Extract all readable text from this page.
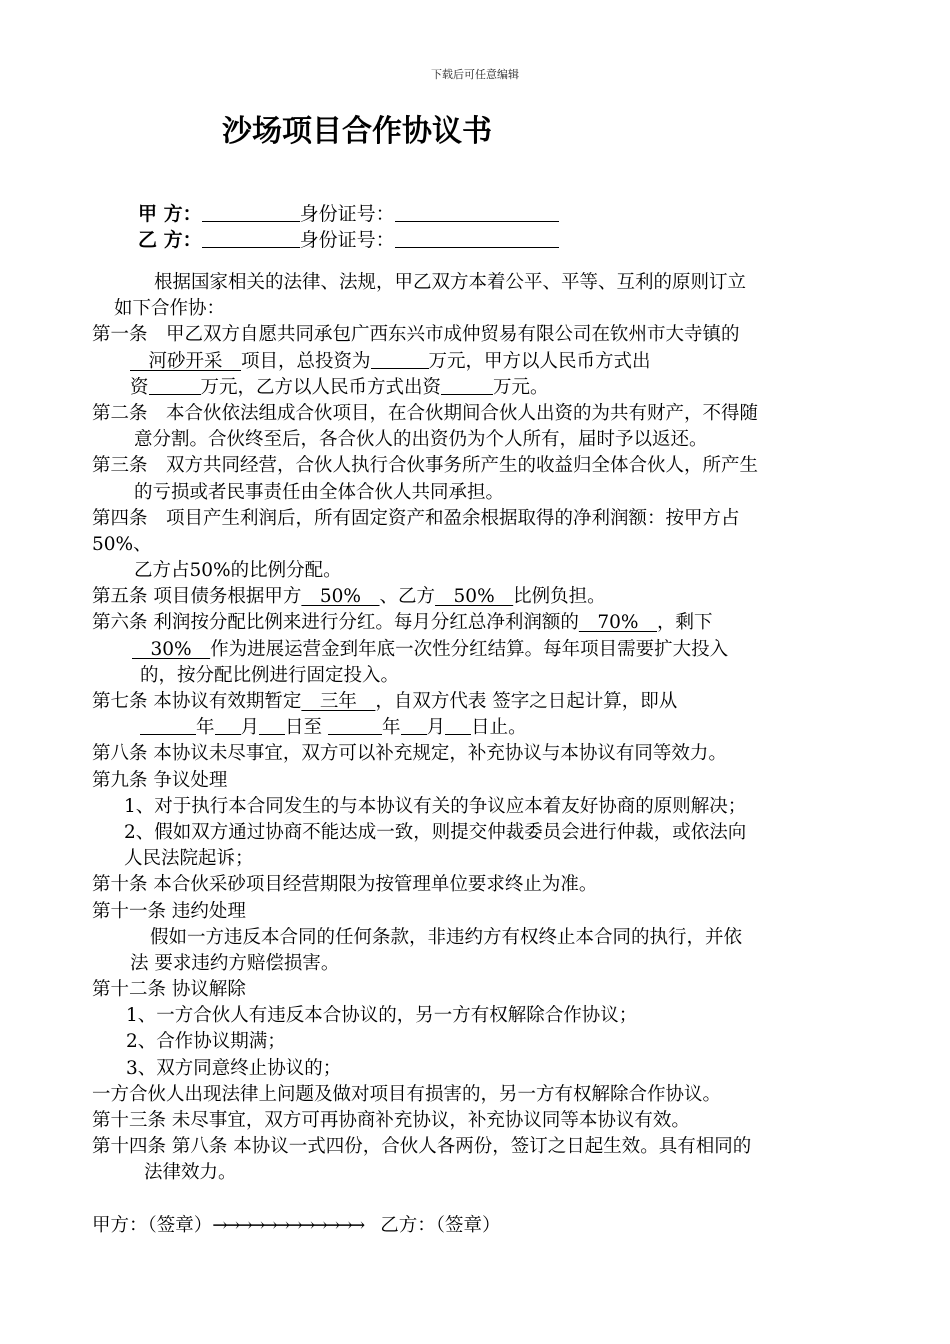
下载后可任意编辑
沙场项目合作协议书
甲 方：	身份证号：
乙 方：	身份证号：
根据国家相关的法律、法规，甲乙双方本着公平、平等、互利的原则订立
如下合作协：
第一条　甲乙双方自愿共同承包广西东兴市成仲贸易有限公司在钦州市大寺镇的
　河砂开采　项目，总投资为	万元，甲方以人民币方式出
资	万元，乙方以人民币方式出资	万元。
第二条　本合伙依法组成合伙项目，在合伙期间合伙人出资的为共有财产，不得随
意分割。合伙终至后，各合伙人的出资仍为个人所有，届时予以返还。
第三条　双方共同经营，合伙人执行合伙事务所产生的收益归全体合伙人，所产生
的亏损或者民事责任由全体合伙人共同承担。
第四条　项目产生利润后，所有固定资产和盈余根据取得的净利润额：按甲方占
50%、
乙方占50%的比例分配。
第五条 项目债务根据甲方　50%　、乙方　50%　比例负担。
第六条 利润按分配比例来进行分红。每月分红总净利润额的　70%　，剩下
　30%　作为进展运营金到年底一次性分红结算。每年项目需要扩大投入
的，按分配比例进行固定投入。
第七条 本协议有效期暂定　三年　，自双方代表 签字之日起计算，即从
年 月 日至	年 月 日止。
第八条 本协议未尽事宜，双方可以补充规定，补充协议与本协议有同等效力。
第九条 争议处理
1、对于执行本合同发生的与本协议有关的争议应本着友好协商的原则解决；
2、假如双方通过协商不能达成一致，则提交仲裁委员会进行仲裁，或依法向
人民法院起诉；
第十条 本合伙采砂项目经营期限为按管理单位要求终止为准。
第十一条 违约处理
假如一方违反本合同的任何条款，非违约方有权终止本合同的执行，并依
法 要求违约方赔偿损害。
第十二条 协议解除
1、一方合伙人有违反本合协议的，另一方有权解除合作协议；
2、合作协议期满；
3、双方同意终止协议的；
一方合伙人出现法律上问题及做对项目有损害的，另一方有权解除合作协议。
第十三条 未尽事宜，双方可再协商补充协议，补充协议同等本协议有效。
第十四条 第八条 本协议一式四份，合伙人各两份，签订之日起生效。具有相同的
法律效力。
甲方：（签章）→→→→→→→→→→→→ 乙方：（签章）
